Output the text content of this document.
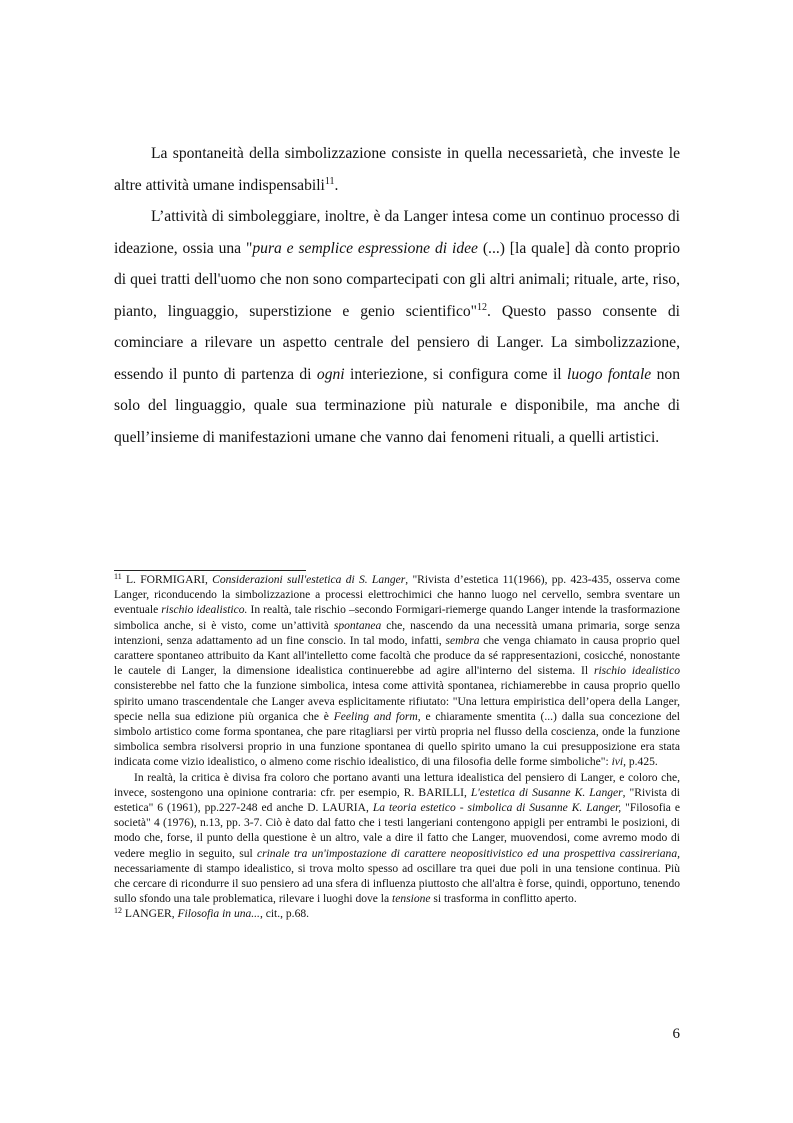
La spontaneità della simbolizzazione consiste in quella necessarietà, che investe le altre attività umane indispensabili$^{11}$.

L’attività di simboleggiare, inoltre, è da Langer intesa come un continuo processo di ideazione, ossia una "pura e semplice espressione di idee (...) [la quale] dà conto proprio di quei tratti dell'uomo che non sono compartecipati con gli altri animali; rituale, arte, riso, pianto, linguaggio, superstizione e genio scientifico"$^{12}$. Questo passo consente di cominciare a rilevare un aspetto centrale del pensiero di Langer. La simbolizzazione, essendo il punto di partenza di ogni interiezione, si configura come il luogo fontale non solo del linguaggio, quale sua terminazione più naturale e disponibile, ma anche di quell’insieme di manifestazioni umane che vanno dai fenomeni rituali, a quelli artistici.

$^{11}$ L. FORMIGARI, Considerazioni sull'estetica di S. Langer, "Rivista d’estetica 11(1966), pp. 423-435, osserva come Langer, riconducendo la simbolizzazione a processi elettrochimici che hanno luogo nel cervello, sembra sventare un eventuale rischio idealistico. In realtà, tale rischio –secondo Formigari-riemerge quando Langer intende la trasformazione simbolica anche, si è visto, come un’attività spontanea che, nascendo da una necessità umana primaria, sorge senza intenzioni, senza adattamento ad un fine conscio. In tal modo, infatti, sembra che venga chiamato in causa proprio quel carattere spontaneo attribuito da Kant all'intelletto come facoltà che produce da sé rappresentazioni, cosicché, nonostante le cautele di Langer, la dimensione idealistica continuerebbe ad agire all'interno del sistema. Il rischio idealistico consisterebbe nel fatto che la funzione simbolica, intesa come attività spontanea, richiamerebbe in causa proprio quello spirito umano trascendentale che Langer aveva esplicitamente rifiutato: "Una lettura empiristica dell’opera della Langer, specie nella sua edizione più organica che è Feeling and form, e chiaramente smentita (...) dalla sua concezione del simbolo artistico come forma spontanea, che pare ritagliarsi per virtù propria nel flusso della coscienza, onde la funzione simbolica sembra risolversi proprio in una funzione spontanea di quello spirito umano la cui presupposizione era stata indicata come vizio idealistico, o almeno come rischio idealistico, di una filosofia delle forme simboliche": ivi, p.425.

In realtà, la critica è divisa fra coloro che portano avanti una lettura idealistica del pensiero di Langer, e coloro che, invece, sostengono una opinione contraria: cfr. per esempio, R. BARILLI, L'estetica di Susanne K. Langer, "Rivista di estetica" 6 (1961), pp.227-248 ed anche D. LAURIA, La teoria estetico - simbolica di Susanne K. Langer, "Filosofia e società" 4 (1976), n.13, pp. 3-7. Ciò è dato dal fatto che i testi langeriani contengono appigli per entrambi le posizioni, di modo che, forse, il punto della questione è un altro, vale a dire il fatto che Langer, muovendosi, come avremo modo di vedere meglio in seguito, sul crinale tra un'impostazione di carattere neopositivistico ed una prospettiva cassireriana, necessariamente di stampo idealistico, si trova molto spesso ad oscillare tra quei due poli in una tensione continua. Più che cercare di ricondurre il suo pensiero ad una sfera di influenza piuttosto che all'altra è forse, quindi, opportuno, tenendo sullo sfondo una tale problematica, rilevare i luoghi dove la tensione si trasforma in conflitto aperto.

$^{12}$ LANGER, Filosofia in una..., cit., p.68.

6
